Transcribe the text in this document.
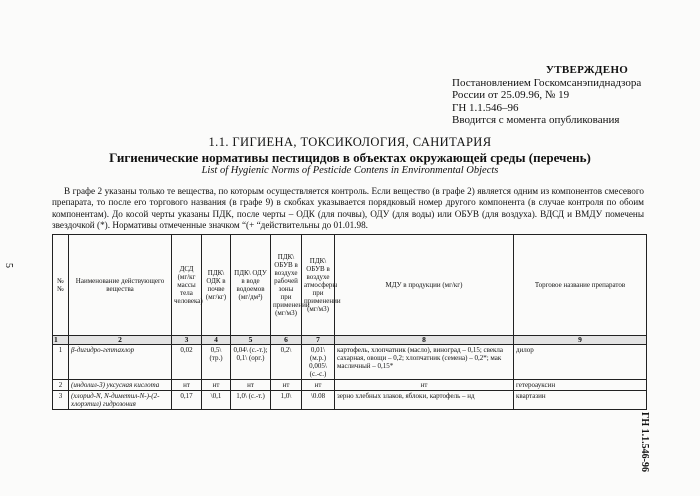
5
УТВЕРЖДЕНО
Постановлением Госкомсанэпиднадзора
России от 25.09.96, № 19
ГН 1.1.546–96
Вводится с момента опубликования
1.1. ГИГИЕНА, ТОКСИКОЛОГИЯ, САНИТАРИЯ
Гигиенические нормативы пестицидов в объектах окружающей среды (перечень)
List of Hygienic Norms of Pesticide Contens in Environmental Objects
В графе 2 указаны только те вещества, по которым осуществляется контроль. Если вещество (в графе 2) является одним из компонентов смесевого препарата, то после его торгового названия (в графе 9) в скобках указывается порядковый номер другого компонента (в случае контроля по обоим компонентам). До косой черты указаны ПДК, после черты – ОДК (для почвы), ОДУ (для воды) или ОБУВ (для воздуха). ВДСД и ВМДУ помечены звездочкой (*). Нормативы отмеченные значком “(+ “действительны до 01.01.98.
№№	Наименование действующего вещества	ДСД (мг/кг массы тела человека)	ПДК\ ОДК в почве (мг/кг)	ПДК\ ОДУ в воде водоемов (мг/дм³)	ПДК\ ОБУВ в воздухе рабочей зоны при применении (мг/м3)	ПДК\ ОБУВ в воздухе атмосферы при применении (мг/м3)	МДУ в продукции (мг/кг)	Торговое название препаратов
1	2	3	4	5	6	7	8	9
1	β-дигидро-гептахлор	0,02	0,5\ (тр.)	0,04\ (с.-т.); 0,1\ (орг.)	0,2\	0,01\ (м.р.) 0,005\ (с.-с.)	картофель, хлопчатник (масло), виноград – 0,15; свекла сахарная, овощи – 0,2; хлопчатник (семена) – 0,2*; мак масличный – 0,15*	дилор
2	(индолил-3) уксусная кислота	нт	нт	нт	нт	нт	нт	гетероауксин
3	(хлорид-N, N-диметил-N-)-(2-хлорэтил) гидрозония	0,17	\0,1	1,0\ (с.-т.)	1,0\	\0.08	зерно хлебных злаков, яблоки, картофель – нд	квартазин
ГН 1.1.546-96
